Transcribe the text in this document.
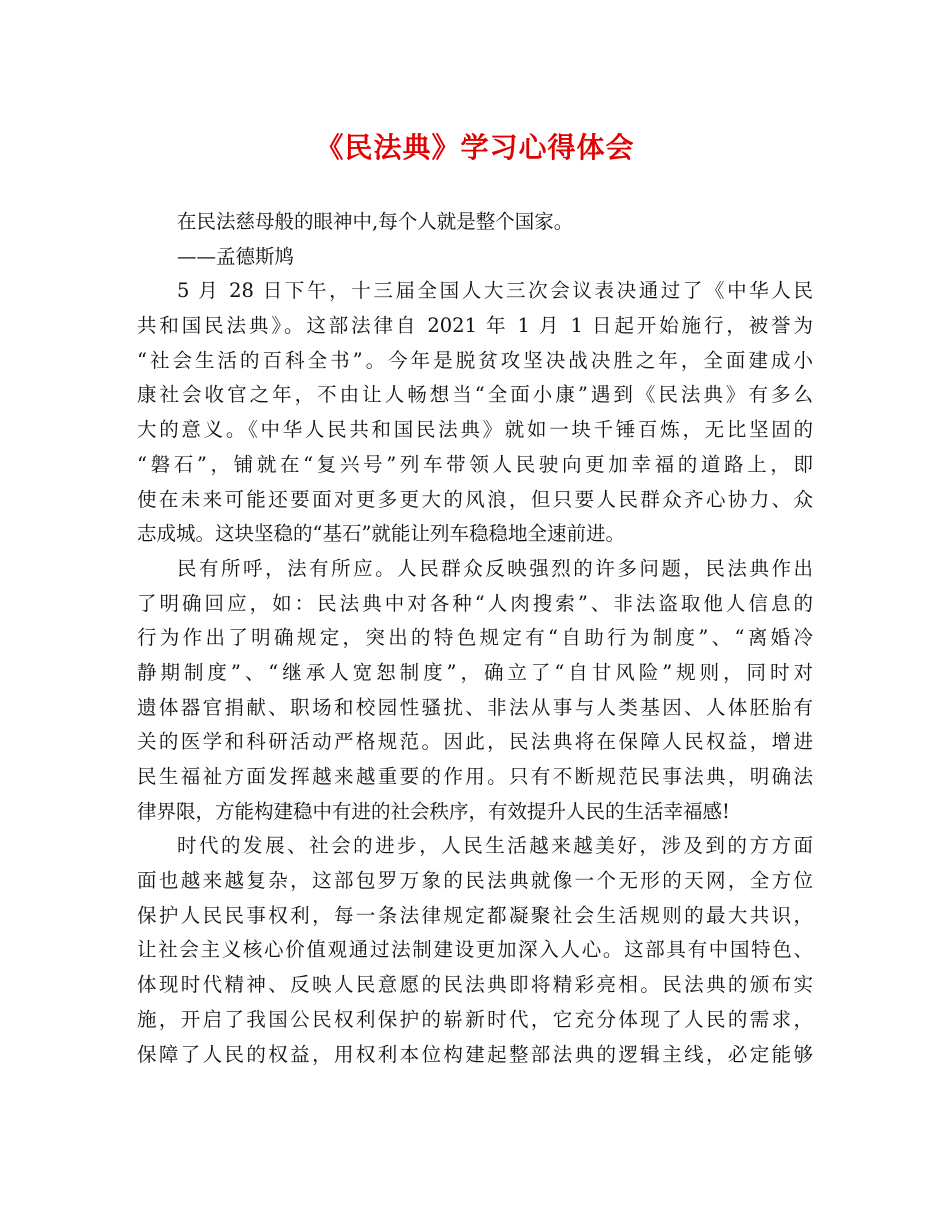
《民法典》学习心得体会
在民法慈母般的眼神中,每个人就是整个国家。
——孟德斯鸠
5 月 28 日下午，十三届全国人大三次会议表决通过了《中华人民
共和国民法典》。这部法律自 2021 年 1 月 1 日起开始施行，被誉为
“社会生活的百科全书”。今年是脱贫攻坚决战决胜之年，全面建成小
康社会收官之年，不由让人畅想当“全面小康”遇到《民法典》有多么
大的意义。《中华人民共和国民法典》就如一块千锤百炼，无比坚固的
“磐石”，铺就在“复兴号”列车带领人民驶向更加幸福的道路上，即
使在未来可能还要面对更多更大的风浪，但只要人民群众齐心协力、众
志成城。这块坚稳的“基石”就能让列车稳稳地全速前进。
民有所呼，法有所应。人民群众反映强烈的许多问题，民法典作出
了明确回应，如：民法典中对各种“人肉搜索”、非法盗取他人信息的
行为作出了明确规定，突出的特色规定有“自助行为制度”、“离婚冷
静期制度”、“继承人宽恕制度”，确立了“自甘风险”规则，同时对
遗体器官捐献、职场和校园性骚扰、非法从事与人类基因、人体胚胎有
关的医学和科研活动严格规范。因此，民法典将在保障人民权益，增进
民生福祉方面发挥越来越重要的作用。只有不断规范民事法典，明确法
律界限，方能构建稳中有进的社会秩序，有效提升人民的生活幸福感!
时代的发展、社会的进步，人民生活越来越美好，涉及到的方方面
面也越来越复杂，这部包罗万象的民法典就像一个无形的天网，全方位
保护人民民事权利，每一条法律规定都凝聚社会生活规则的最大共识，
让社会主义核心价值观通过法制建设更加深入人心。这部具有中国特色、
体现时代精神、反映人民意愿的民法典即将精彩亮相。民法典的颁布实
施，开启了我国公民权利保护的崭新时代，它充分体现了人民的需求，
保障了人民的权益，用权利本位构建起整部法典的逻辑主线，必定能够
